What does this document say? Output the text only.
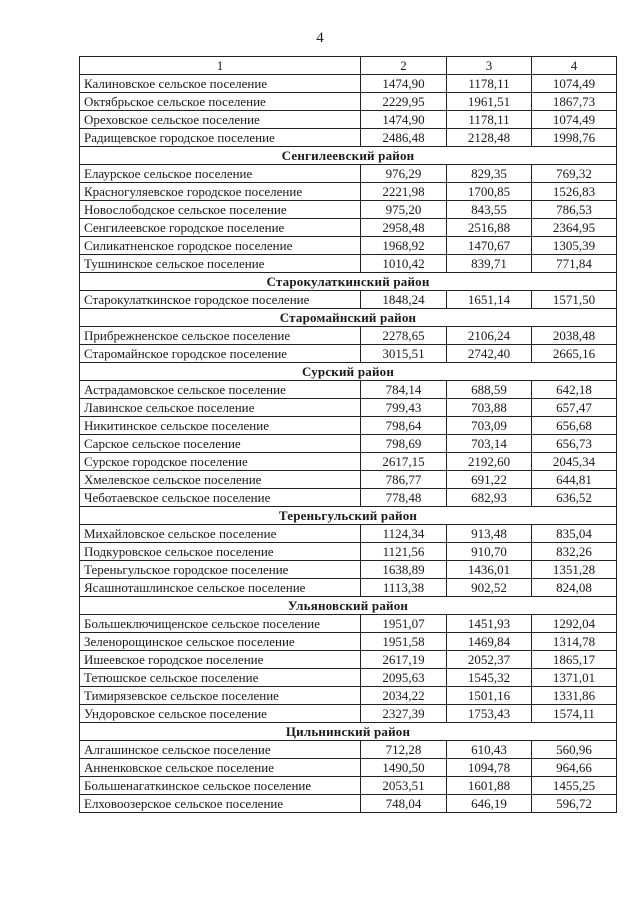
4
1	2	3	4
Калиновское сельское поселение	1474,90	1178,11	1074,49
Октябрьское сельское поселение	2229,95	1961,51	1867,73
Ореховское сельское поселение	1474,90	1178,11	1074,49
Радищевское городское поселение	2486,48	2128,48	1998,76
Сенгилеевский район			
Елаурское сельское поселение	976,29	829,35	769,32
Красногуляевское городское поселение	2221,98	1700,85	1526,83
Новослободское сельское поселение	975,20	843,55	786,53
Сенгилеевское городское поселение	2958,48	2516,88	2364,95
Силикатненское городское поселение	1968,92	1470,67	1305,39
Тушнинское сельское поселение	1010,42	839,71	771,84
Старокулаткинский район			
Старокулаткинское городское поселение	1848,24	1651,14	1571,50
Старомайнский район			
Прибрежненское сельское поселение	2278,65	2106,24	2038,48
Старомайнское городское поселение	3015,51	2742,40	2665,16
Сурский район			
Астрадамовское сельское поселение	784,14	688,59	642,18
Лавинское сельское поселение	799,43	703,88	657,47
Никитинское сельское поселение	798,64	703,09	656,68
Сарское сельское поселение	798,69	703,14	656,73
Сурское городское поселение	2617,15	2192,60	2045,34
Хмелевское сельское поселение	786,77	691,22	644,81
Чеботаевское сельское поселение	778,48	682,93	636,52
Тереньгульский район			
Михайловское сельское поселение	1124,34	913,48	835,04
Подкуровское сельское поселение	1121,56	910,70	832,26
Тереньгульское городское поселение	1638,89	1436,01	1351,28
Ясашноташлинское сельское поселение	1113,38	902,52	824,08
Ульяновский район			
Большеключищенское сельское поселение	1951,07	1451,93	1292,04
Зеленорощинское сельское поселение	1951,58	1469,84	1314,78
Ишеевское городское поселение	2617,19	2052,37	1865,17
Тетюшское сельское поселение	2095,63	1545,32	1371,01
Тимирязевское сельское поселение	2034,22	1501,16	1331,86
Ундоровское сельское поселение	2327,39	1753,43	1574,11
Цильнинский район			
Алгашинское сельское поселение	712,28	610,43	560,96
Анненковское сельское поселение	1490,50	1094,78	964,66
Большенагаткинское сельское поселение	2053,51	1601,88	1455,25
Елховоозерское сельское поселение	748,04	646,19	596,72
